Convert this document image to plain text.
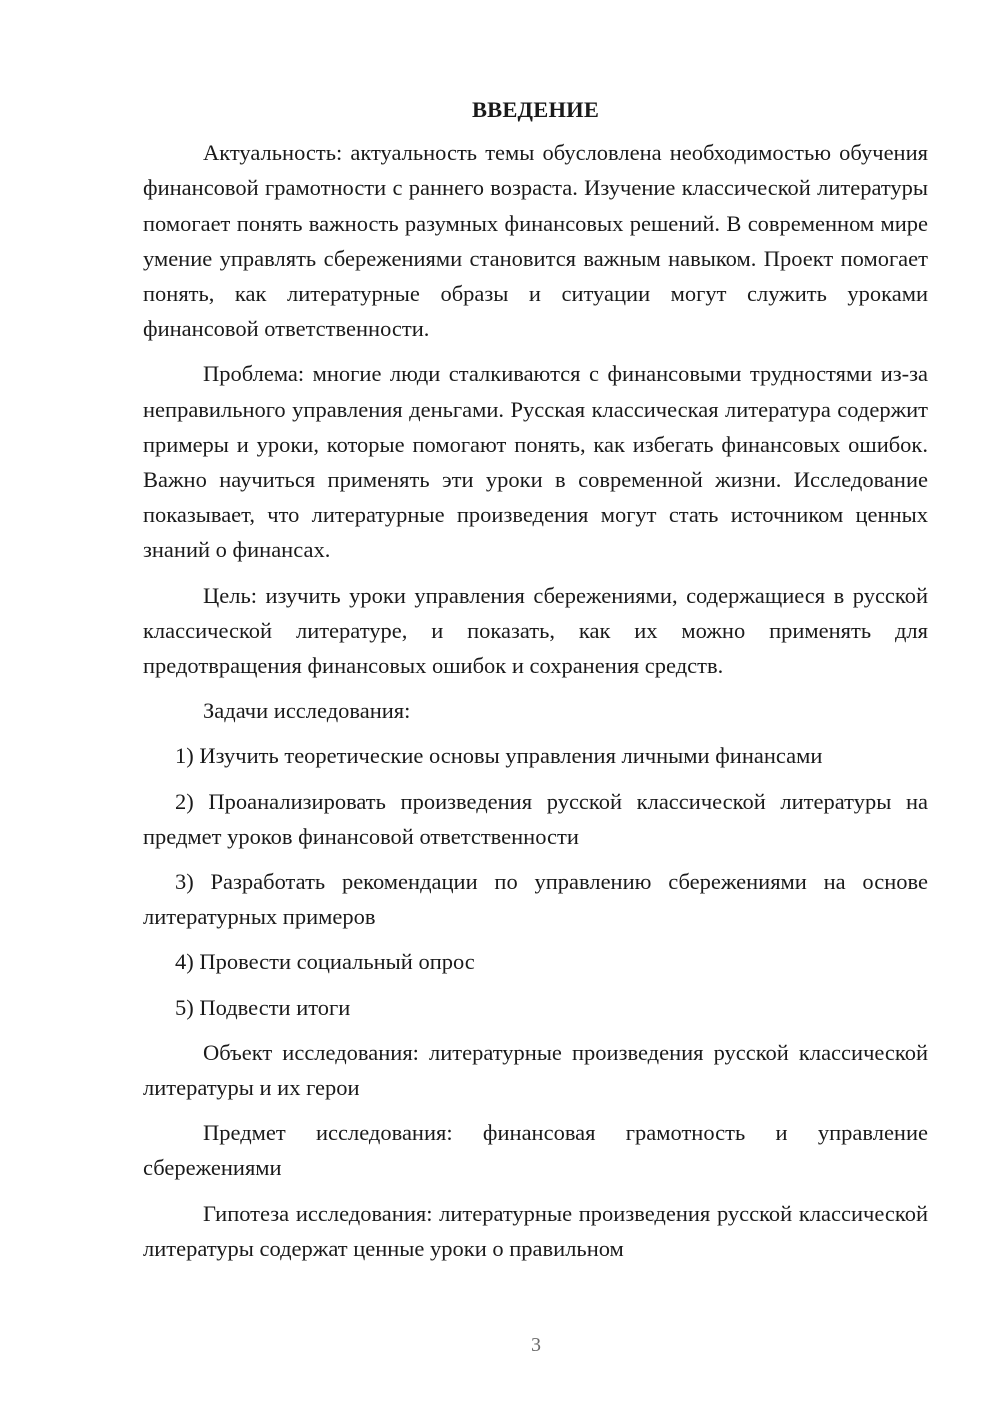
ВВЕДЕНИЕ

Актуальность: актуальность темы обусловлена необходимостью обучения финансовой грамотности с раннего возраста. Изучение классической литературы помогает понять важность разумных финансовых решений. В современном мире умение управлять сбережениями становится важным навыком. Проект помогает понять, как литературные образы и ситуации могут служить уроками финансовой ответственности.

Проблема: многие люди сталкиваются с финансовыми трудностями из-за неправильного управления деньгами. Русская классическая литература содержит примеры и уроки, которые помогают понять, как избегать финансовых ошибок. Важно научиться применять эти уроки в современной жизни. Исследование показывает, что литературные произведения могут стать источником ценных знаний о финансах.

Цель: изучить уроки управления сбережениями, содержащиеся в русской классической литературе, и показать, как их можно применять для предотвращения финансовых ошибок и сохранения средств.

Задачи исследования:

1) Изучить теоретические основы управления личными финансами

2) Проанализировать произведения русской классической литературы на предмет уроков финансовой ответственности

3) Разработать рекомендации по управлению сбережениями на основе литературных примеров

4) Провести социальный опрос

5) Подвести итоги

Объект исследования: литературные произведения русской классической литературы и их герои

Предмет исследования: финансовая грамотность и управление сбережениями

Гипотеза исследования: литературные произведения русской классической литературы содержат ценные уроки о правильном

3
